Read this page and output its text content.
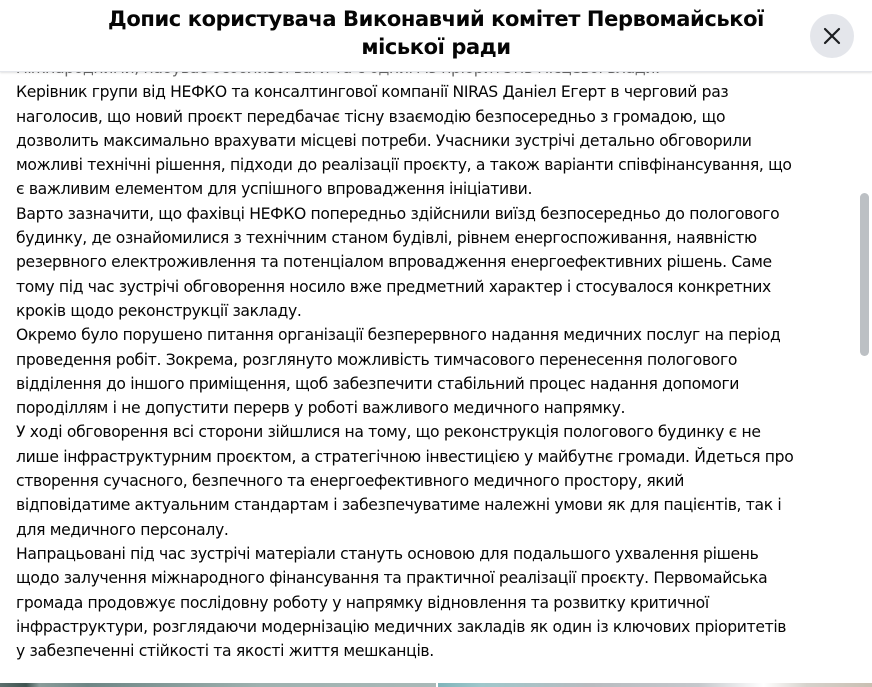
Допис користувача Виконавчий комітет Первомайської
міської ради
Керівник групи від НЕФКО та консалтингової компанії NIRAS Даніел Егерт в черговий раз
наголосив, що новий проєкт передбачає тісну взаємодію безпосередньо з громадою, що
дозволить максимально врахувати місцеві потреби. Учасники зустрічі детально обговорили
можливі технічні рішення, підходи до реалізації проєкту, а також варіанти співфінансування, що
є важливим елементом для успішного впровадження ініціативи.
Варто зазначити, що фахівці НЕФКО попередньо здійснили виїзд безпосередньо до пологового
будинку, де ознайомилися з технічним станом будівлі, рівнем енергоспоживання, наявністю
резервного електроживлення та потенціалом впровадження енергоефективних рішень. Саме
тому під час зустрічі обговорення носило вже предметний характер і стосувалося конкретних
кроків щодо реконструкції закладу.
Окремо було порушено питання організації безперервного надання медичних послуг на період
проведення робіт. Зокрема, розглянуто можливість тимчасового перенесення пологового
відділення до іншого приміщення, щоб забезпечити стабільний процес надання допомоги
породіллям і не допустити перерв у роботі важливого медичного напрямку.
У ході обговорення всі сторони зійшлися на тому, що реконструкція пологового будинку є не
лише інфраструктурним проєктом, а стратегічною інвестицією у майбутнє громади. Йдеться про
створення сучасного, безпечного та енергоефективного медичного простору, який
відповідатиме актуальним стандартам і забезпечуватиме належні умови як для пацієнтів, так і
для медичного персоналу.
Напрацьовані під час зустрічі матеріали стануть основою для подальшого ухвалення рішень
щодо залучення міжнародного фінансування та практичної реалізації проєкту. Первомайська
громада продовжує послідовну роботу у напрямку відновлення та розвитку критичної
інфраструктури, розглядаючи модернізацію медичних закладів як один із ключових пріоритетів
у забезпеченні стійкості та якості життя мешканців.
